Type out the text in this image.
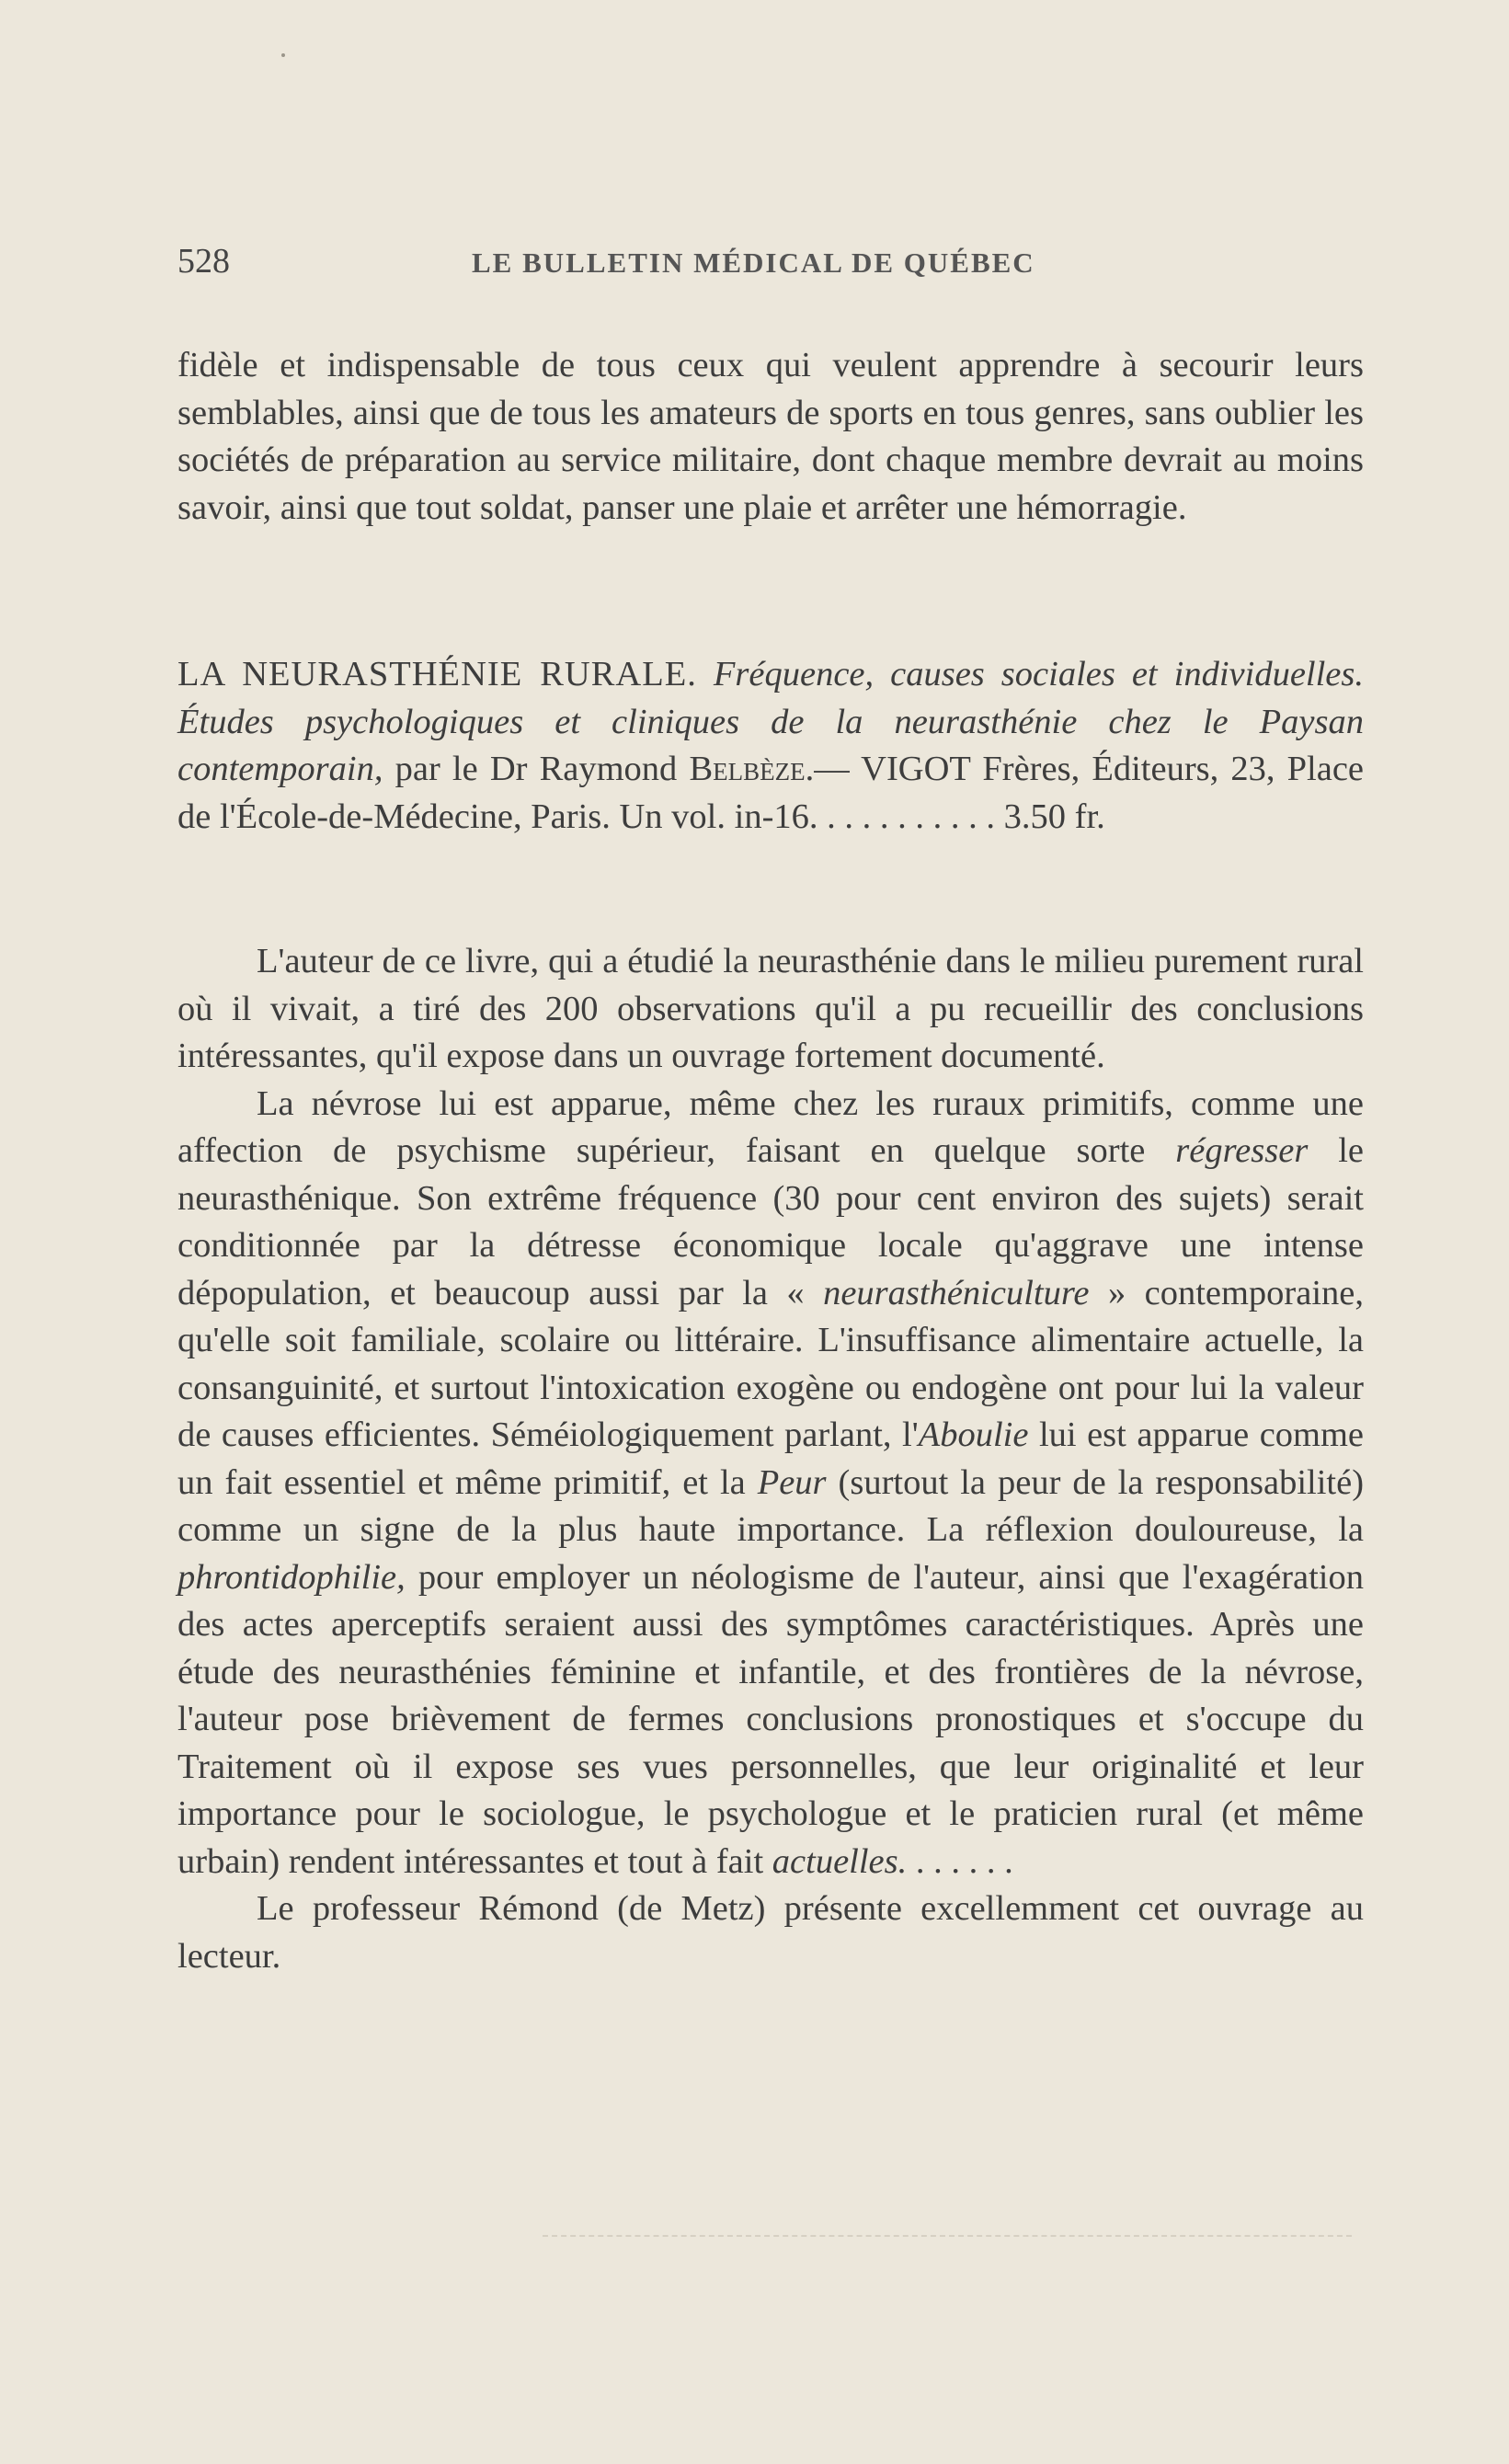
528	LE BULLETIN MÉDICAL DE QUÉBEC
fidèle et indispensable de tous ceux qui veulent apprendre à secourir leurs semblables, ainsi que de tous les amateurs de sports en tous genres, sans oublier les sociétés de préparation au service militaire, dont chaque membre devrait au moins savoir, ainsi que tout soldat, panser une plaie et arrêter une hémorragie.
LA NEURASTHÉNIE RURALE. Fréquence, causes sociales et individuelles. Études psychologiques et cliniques de la neurasthénie chez le Paysan contemporain, par le Dr Raymond Belbèze.— VIGOT Frères, Éditeurs, 23, Place de l'École-de-Médecine, Paris. Un vol. in-16. . . . . . . . . . . 3.50 fr.
L'auteur de ce livre, qui a étudié la neurasthénie dans le milieu purement rural où il vivait, a tiré des 200 observations qu'il a pu recueillir des conclusions intéressantes, qu'il expose dans un ouvrage fortement documenté.
La névrose lui est apparue, même chez les ruraux primitifs, comme une affection de psychisme supérieur, faisant en quelque sorte régresser le neurasthénique. Son extrême fréquence (30 pour cent environ des sujets) serait conditionnée par la détresse économique locale qu'aggrave une intense dépopulation, et beaucoup aussi par la « neurasthéniculture » contemporaine, qu'elle soit familiale, scolaire ou littéraire. L'insuffisance alimentaire actuelle, la consanguinité, et surtout l'intoxication exogène ou endogène ont pour lui la valeur de causes efficientes. Séméiologiquement parlant, l'Aboulie lui est apparue comme un fait essentiel et même primitif, et la Peur (surtout la peur de la responsabilité) comme un signe de la plus haute importance. La réflexion douloureuse, la phrontidophilie, pour employer un néologisme de l'auteur, ainsi que l'exagération des actes aperceptifs seraient aussi des symptômes caractéristiques. Après une étude des neurasthénies féminine et infantile, et des frontières de la névrose, l'auteur pose brièvement de fermes conclusions pronostiques et s'occupe du Traitement où il expose ses vues personnelles, que leur originalité et leur importance pour le sociologue, le psychologue et le praticien rural (et même urbain) rendent intéressantes et tout à fait actuelles. . . . . . .
Le professeur Rémond (de Metz) présente excellemment cet ouvrage au lecteur.
